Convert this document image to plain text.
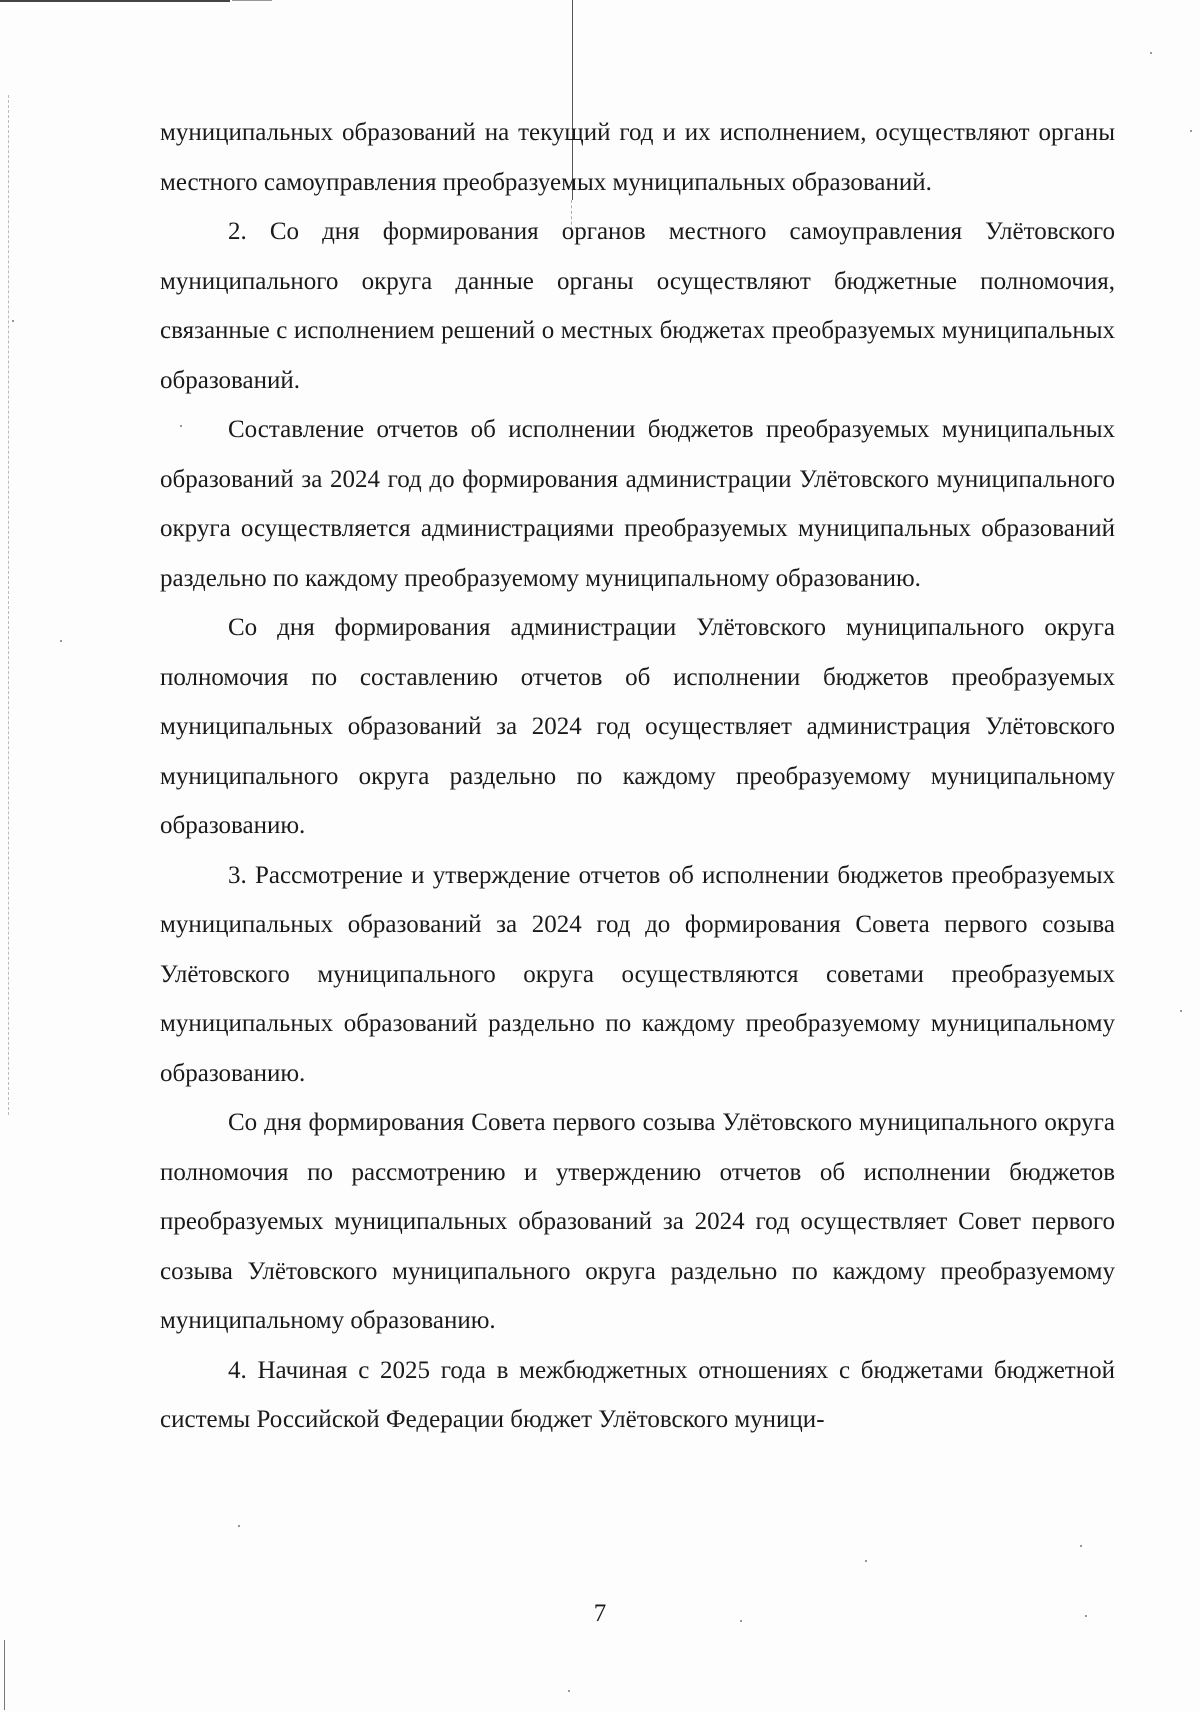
муниципальных образований на текущий год и их исполнением, осуществляют органы местного самоуправления преобразуемых муниципальных образований.

2. Со дня формирования органов местного самоуправления Улётовского муниципального округа данные органы осуществляют бюджетные полномочия, связанные с исполнением решений о местных бюджетах преобразуемых муниципальных образований.

Составление отчетов об исполнении бюджетов преобразуемых муниципальных образований за 2024 год до формирования администрации Улётовского муниципального округа осуществляется администрациями преобразуемых муниципальных образований раздельно по каждому преобразуемому муниципальному образованию.

Со дня формирования администрации Улётовского муниципального округа полномочия по составлению отчетов об исполнении бюджетов преобразуемых муниципальных образований за 2024 год осуществляет администрация Улётовского муниципального округа раздельно по каждому преобразуемому муниципальному образованию.

3. Рассмотрение и утверждение отчетов об исполнении бюджетов преобразуемых муниципальных образований за 2024 год до формирования Совета первого созыва Улётовского муниципального округа осуществляются советами преобразуемых муниципальных образований раздельно по каждому преобразуемому муниципальному образованию.

Со дня формирования Совета первого созыва Улётовского муниципального округа полномочия по рассмотрению и утверждению отчетов об исполнении бюджетов преобразуемых муниципальных образований за 2024 год осуществляет Совет первого созыва Улётовского муниципального округа раздельно по каждому преобразуемому муниципальному образованию.

4. Начиная с 2025 года в межбюджетных отношениях с бюджетами бюджетной системы Российской Федерации бюджет Улётовского муници-

7
